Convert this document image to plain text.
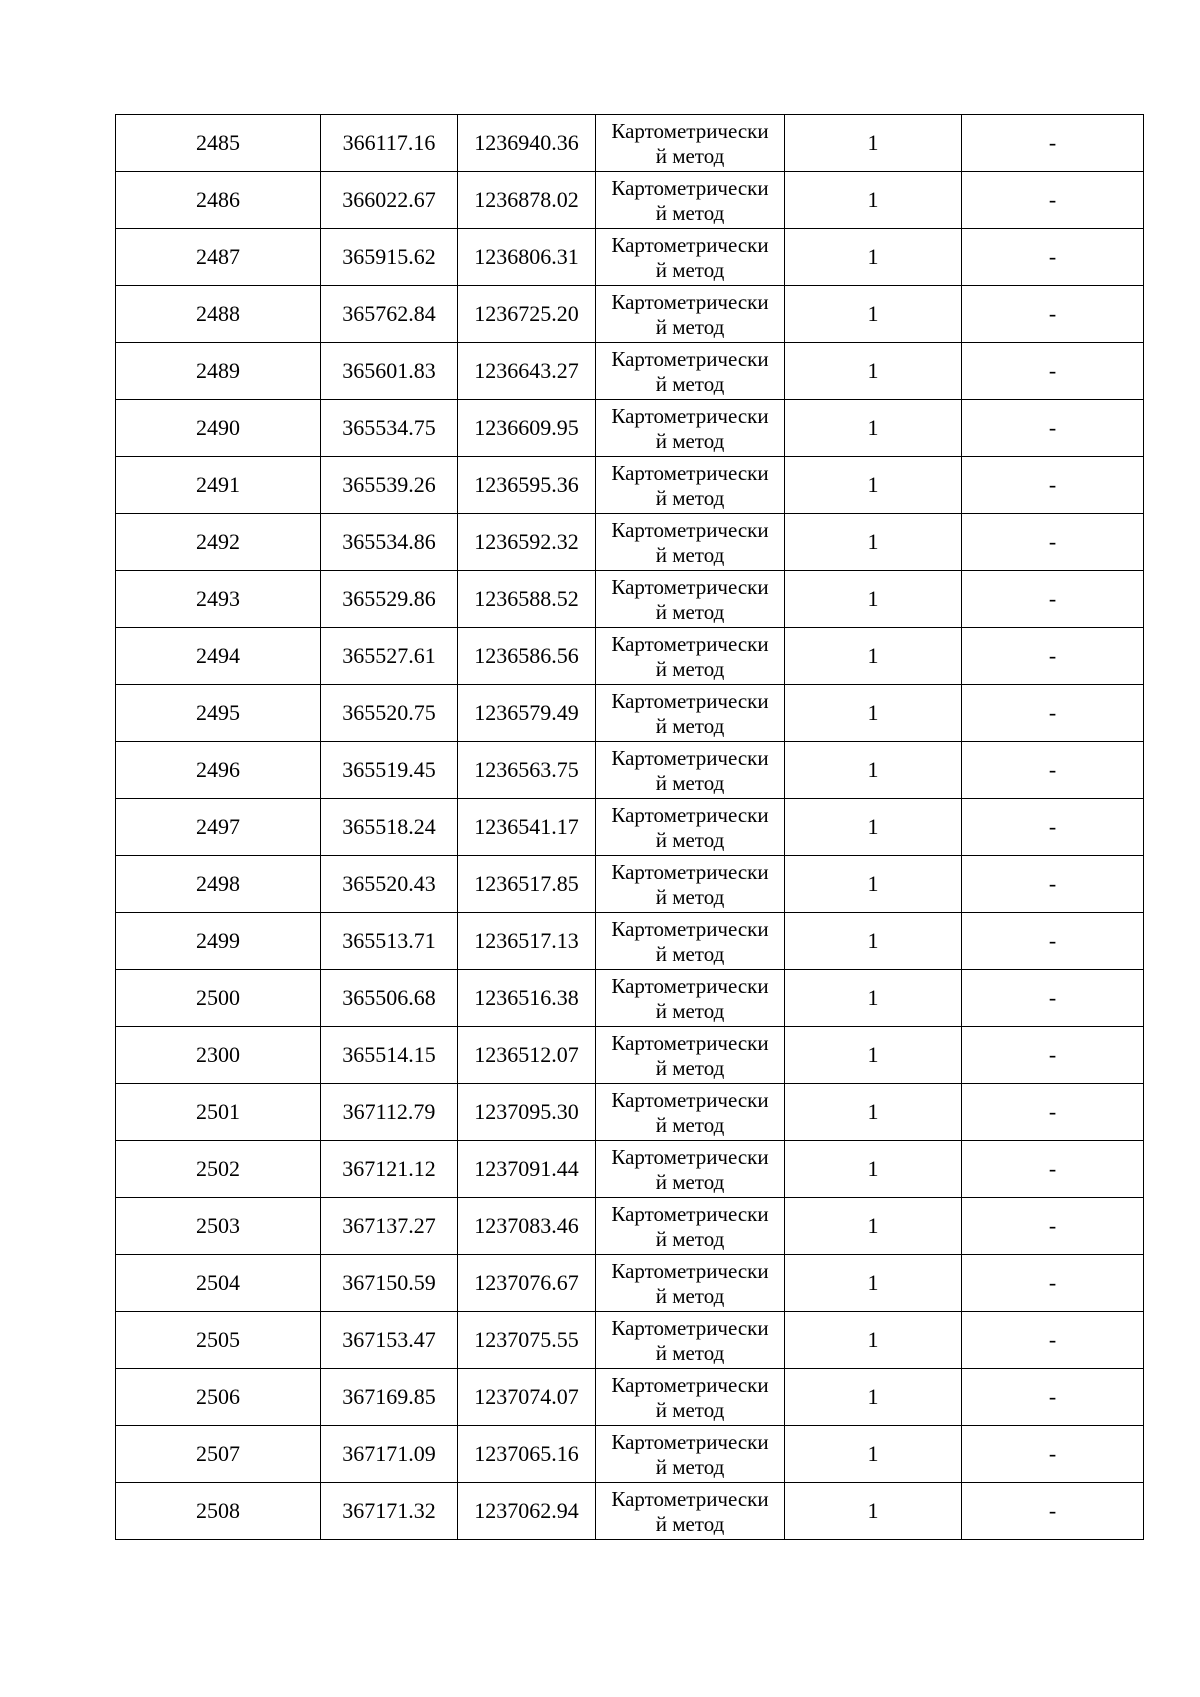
2485	366117.16	1236940.36	Картометрически
й метод	1	-
2486	366022.67	1236878.02	Картометрически
й метод	1	-
2487	365915.62	1236806.31	Картометрически
й метод	1	-
2488	365762.84	1236725.20	Картометрически
й метод	1	-
2489	365601.83	1236643.27	Картометрически
й метод	1	-
2490	365534.75	1236609.95	Картометрически
й метод	1	-
2491	365539.26	1236595.36	Картометрически
й метод	1	-
2492	365534.86	1236592.32	Картометрически
й метод	1	-
2493	365529.86	1236588.52	Картометрически
й метод	1	-
2494	365527.61	1236586.56	Картометрически
й метод	1	-
2495	365520.75	1236579.49	Картометрически
й метод	1	-
2496	365519.45	1236563.75	Картометрически
й метод	1	-
2497	365518.24	1236541.17	Картометрически
й метод	1	-
2498	365520.43	1236517.85	Картометрически
й метод	1	-
2499	365513.71	1236517.13	Картометрически
й метод	1	-
2500	365506.68	1236516.38	Картометрически
й метод	1	-
2300	365514.15	1236512.07	Картометрически
й метод	1	-
2501	367112.79	1237095.30	Картометрически
й метод	1	-
2502	367121.12	1237091.44	Картометрически
й метод	1	-
2503	367137.27	1237083.46	Картометрически
й метод	1	-
2504	367150.59	1237076.67	Картометрически
й метод	1	-
2505	367153.47	1237075.55	Картометрически
й метод	1	-
2506	367169.85	1237074.07	Картометрически
й метод	1	-
2507	367171.09	1237065.16	Картометрически
й метод	1	-
2508	367171.32	1237062.94	Картометрически
й метод	1	-
